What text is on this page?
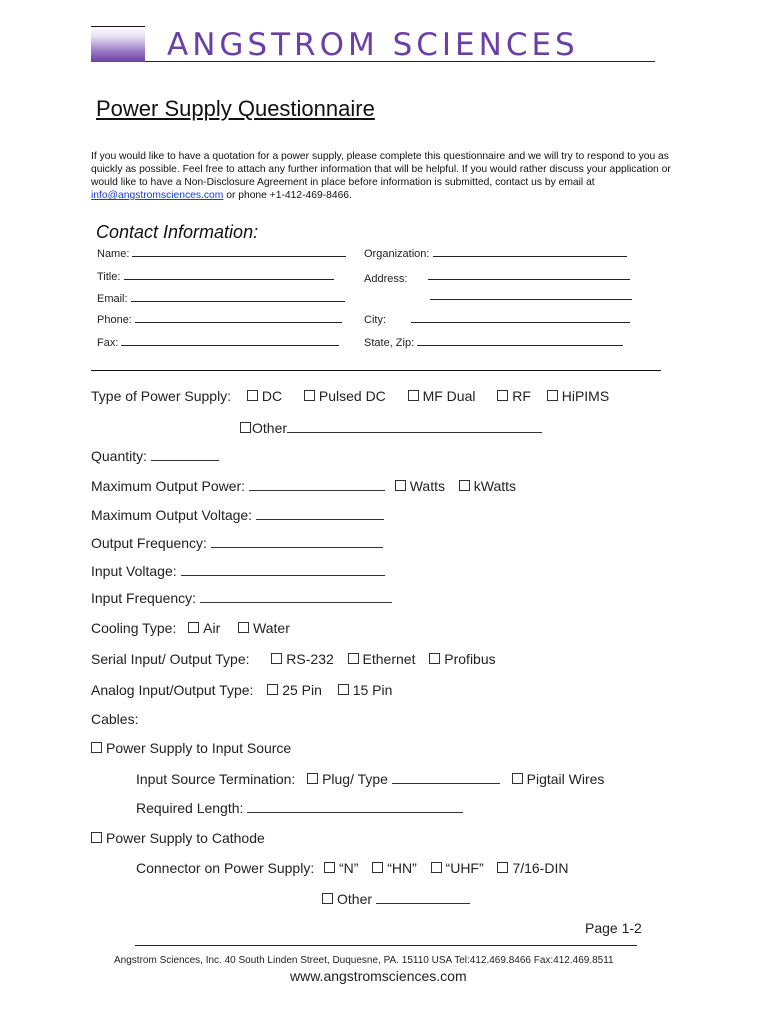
ANGSTROM SCIENCES
Power Supply Questionnaire
If you would like to have a quotation for a power supply, please complete this questionnaire and we will try to respond to you as quickly as possible. Feel free to attach any further information that will be helpful. If you would rather discuss your application or would like to have a Non-Disclosure Agreement in place before information is submitted, contact us by email at info@angstromsciences.com or phone +1-412-469-8466.
Contact Information:
Name:	Organization:
Title:	Address:
Email:
Phone:	City:
Fax:	State, Zip:
Type of Power Supply: DC	Pulsed DC	MF Dual	RF HiPIMS
Other
Quantity:
Maximum Output Power:	Watts kWatts
Maximum Output Voltage:
Output Frequency:
Input Voltage:
Input Frequency:
Cooling Type: Air Water
Serial Input/ Output Type:	RS-232 Ethernet Profibus
Analog Input/Output Type: 25 Pin 15 Pin
Cables:
Power Supply to Input Source
Input Source Termination: Plug/ Type	Pigtail Wires
Required Length:
Power Supply to Cathode
Connector on Power Supply: “N” “HN” “UHF” 7/16-DIN
Other
Page 1-2
Angstrom Sciences, Inc. 40 South Linden Street, Duquesne, PA. 15110 USA Tel:412.469.8466 Fax:412.469.8511
www.angstromsciences.com
